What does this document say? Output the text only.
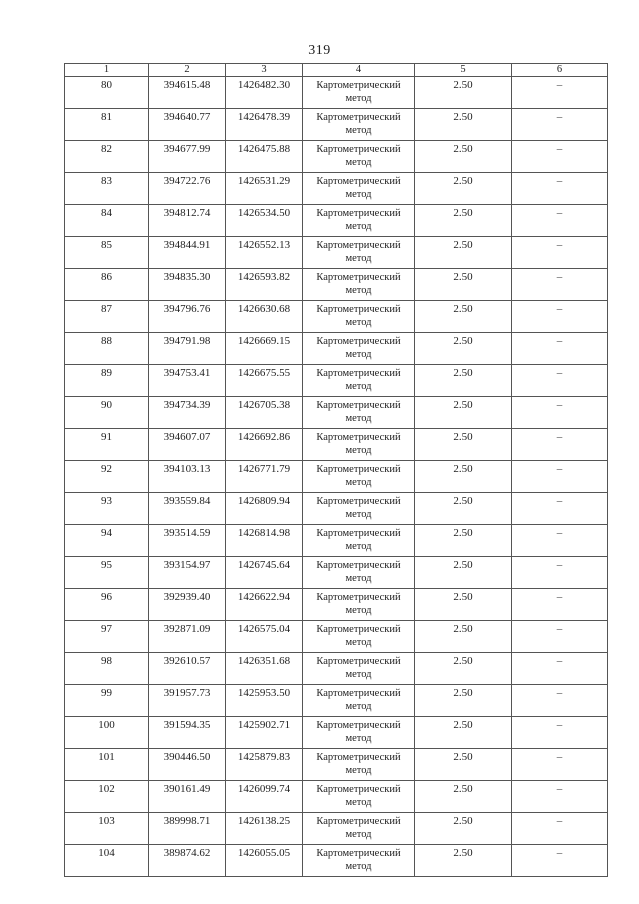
319
1	2	3	4	5	6
80	394615.48	1426482.30	Картометрический метод	2.50	–
81	394640.77	1426478.39	Картометрический метод	2.50	–
82	394677.99	1426475.88	Картометрический метод	2.50	–
83	394722.76	1426531.29	Картометрический метод	2.50	–
84	394812.74	1426534.50	Картометрический метод	2.50	–
85	394844.91	1426552.13	Картометрический метод	2.50	–
86	394835.30	1426593.82	Картометрический метод	2.50	–
87	394796.76	1426630.68	Картометрический метод	2.50	–
88	394791.98	1426669.15	Картометрический метод	2.50	–
89	394753.41	1426675.55	Картометрический метод	2.50	–
90	394734.39	1426705.38	Картометрический метод	2.50	–
91	394607.07	1426692.86	Картометрический метод	2.50	–
92	394103.13	1426771.79	Картометрический метод	2.50	–
93	393559.84	1426809.94	Картометрический метод	2.50	–
94	393514.59	1426814.98	Картометрический метод	2.50	–
95	393154.97	1426745.64	Картометрический метод	2.50	–
96	392939.40	1426622.94	Картометрический метод	2.50	–
97	392871.09	1426575.04	Картометрический метод	2.50	–
98	392610.57	1426351.68	Картометрический метод	2.50	–
99	391957.73	1425953.50	Картометрический метод	2.50	–
100	391594.35	1425902.71	Картометрический метод	2.50	–
101	390446.50	1425879.83	Картометрический метод	2.50	–
102	390161.49	1426099.74	Картометрический метод	2.50	–
103	389998.71	1426138.25	Картометрический метод	2.50	–
104	389874.62	1426055.05	Картометрический метод	2.50	–
